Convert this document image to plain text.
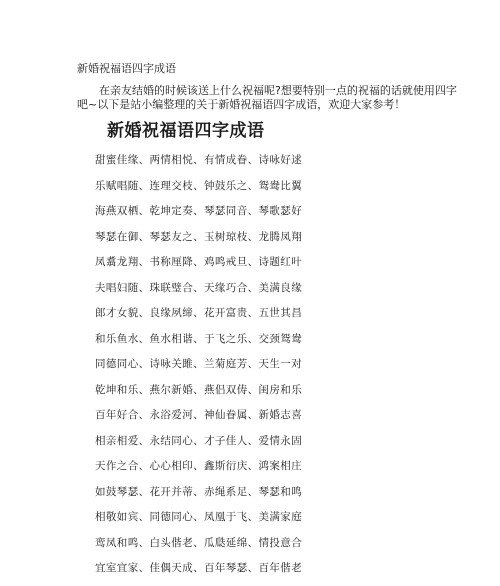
新婚祝福语四字成语
在亲友结婚的时候该送上什么祝福呢?想要特别一点的祝福的话就使用四字
吧~以下是站小编整理的关于新婚祝福语四字成语，欢迎大家参考！
新婚祝福语四字成语
甜蜜佳缘、两情相悦、有情成眷、诗咏好逑
乐赋唱随、连理交枝、钟鼓乐之、鸳鸯比翼
海燕双栖、乾坤定奏、琴瑟同音、琴歌瑟好
琴瑟在御、琴瑟友之、玉树琼枝、龙腾凤翔
凤翥龙翔、书称厘降、鸡鸣戒旦、诗题红叶
夫唱妇随、珠联璧合、天缘巧合、美满良缘
郎才女貌、良缘夙缔、花开富贵、五世其昌
和乐鱼水、鱼水相谐、于飞之乐、交颈鸳鸯
同德同心、诗咏关雎、兰菊庭芳、天生一对
乾坤和乐、燕尔新婚、燕侣双俦、闺房和乐
百年好合、永浴爱河、神仙眷属、新婚志喜
相亲相爱、永结同心、才子佳人、爱情永固
天作之合、心心相印、鑫斯衍庆、鸿案相庄
如鼓琴瑟、花开并蒂、赤绳系足、琴瑟和鸣
相敬如宾、同德同心、凤凰于飞、美满家庭
鸾凤和鸣、白头偕老、瓜瓞延绵、情投意合
宜室宜家、佳偶天成、百年琴瑟、百年偕老
